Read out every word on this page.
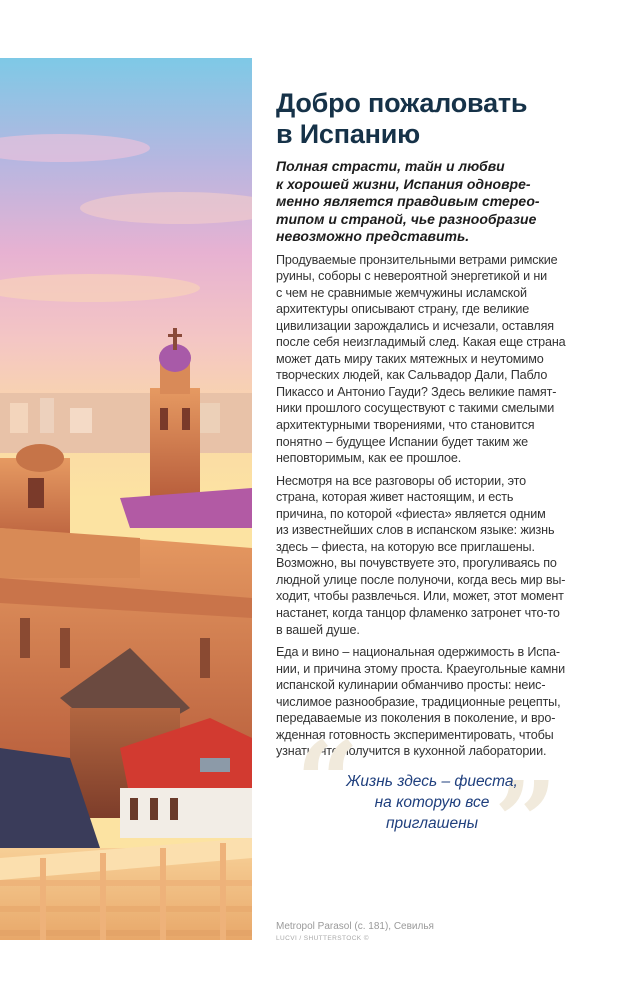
Добро пожаловать
в Испанию

Полная страсти, тайн и любви
к хорошей жизни, Испания одновре-
менно является правдивым стерео-
типом и страной, чье разнообразие
невозможно представить.

Продуваемые пронзительными ветрами римские
руины, соборы с невероятной энергетикой и ни
с чем не сравнимые жемчужины исламской
архитектуры описывают страну, где великие
цивилизации зарождались и исчезали, оставляя
после себя неизгладимый след. Какая еще страна
может дать миру таких мятежных и неутомимо
творческих людей, как Сальвадор Дали, Пабло
Пикассо и Антонио Гауди? Здесь великие памят-
ники прошлого сосуществуют с такими смелыми
архитектурными творениями, что становится
понятно – будущее Испании будет таким же
неповторимым, как ее прошлое.

Несмотря на все разговоры об истории, это
страна, которая живет настоящим, и есть
причина, по которой «фиеста» является одним
из известнейших слов в испанском языке: жизнь
здесь – фиеста, на которую все приглашены.
Возможно, вы почувствуете это, прогуливаясь по
людной улице после полуночи, когда весь мир вы-
ходит, чтобы развлечься. Или, может, этот момент
настанет, когда танцор фламенко затронет что-то
в вашей душе.

Еда и вино – национальная одержимость в Испа-
нии, и причина этому проста. Краеугольные камни
испанской кулинарии обманчиво просты: неис-
числимое разнообразие, традиционные рецепты,
передаваемые из поколения в поколение, и вро-
жденная готовность экспериментировать, чтобы
узнать, что получится в кухонной лаборатории.

“ ”
Жизнь здесь – фиеста,
на которую все
приглашены
Metropol Parasol (с. 181), Севилья
LUCVI / SHUTTERSTOCK ©
